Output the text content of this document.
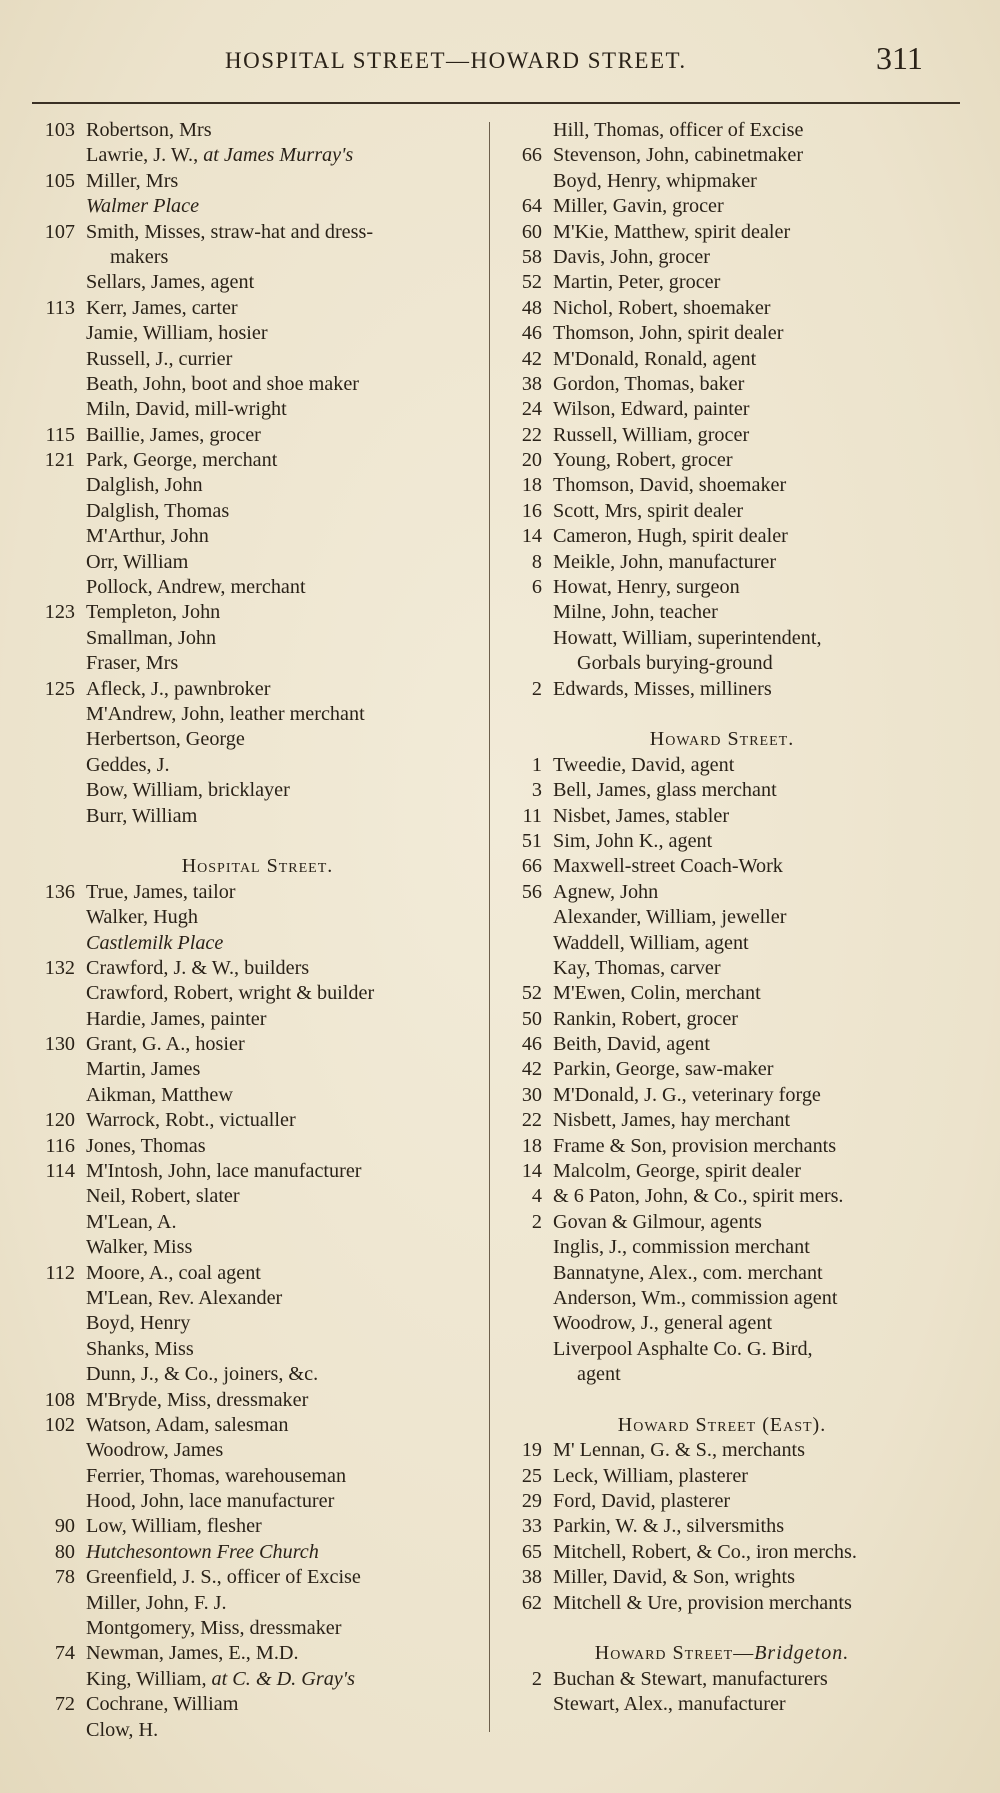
HOSPITAL STREET—HOWARD STREET.	311
103 Robertson, Mrs
Lawrie, J. W., at James Murray's
105 Miller, Mrs
Walmer Place
107 Smith, Misses, straw-hat and dress-
makers
Sellars, James, agent
113 Kerr, James, carter
Jamie, William, hosier
Russell, J., currier
Beath, John, boot and shoe maker
Miln, David, mill-wright
115 Baillie, James, grocer
121 Park, George, merchant
Dalglish, John
Dalglish, Thomas
M'Arthur, John
Orr, William
Pollock, Andrew, merchant
123 Templeton, John
Smallman, John
Fraser, Mrs
125 Afleck, J., pawnbroker
M'Andrew, John, leather merchant
Herbertson, George
Geddes, J.
Bow, William, bricklayer
Burr, William
Hospital Street.
136 True, James, tailor
Walker, Hugh
Castlemilk Place
132 Crawford, J. & W., builders
Crawford, Robert, wright & builder
Hardie, James, painter
130 Grant, G. A., hosier
Martin, James
Aikman, Matthew
120 Warrock, Robt., victualler
116 Jones, Thomas
114 M'Intosh, John, lace manufacturer
Neil, Robert, slater
M'Lean, A.
Walker, Miss
112 Moore, A., coal agent
M'Lean, Rev. Alexander
Boyd, Henry
Shanks, Miss
Dunn, J., & Co., joiners, &c.
108 M'Bryde, Miss, dressmaker
102 Watson, Adam, salesman
Woodrow, James
Ferrier, Thomas, warehouseman
Hood, John, lace manufacturer
90 Low, William, flesher
80 Hutchesontown Free Church
78 Greenfield, J. S., officer of Excise
Miller, John, F. J.
Montgomery, Miss, dressmaker
74 Newman, James, E., M.D.
King, William, at C. & D. Gray's
72 Cochrane, William
Clow, H.
Hill, Thomas, officer of Excise
66 Stevenson, John, cabinetmaker
Boyd, Henry, whipmaker
64 Miller, Gavin, grocer
60 M'Kie, Matthew, spirit dealer
58 Davis, John, grocer
52 Martin, Peter, grocer
48 Nichol, Robert, shoemaker
46 Thomson, John, spirit dealer
42 M'Donald, Ronald, agent
38 Gordon, Thomas, baker
24 Wilson, Edward, painter
22 Russell, William, grocer
20 Young, Robert, grocer
18 Thomson, David, shoemaker
16 Scott, Mrs, spirit dealer
14 Cameron, Hugh, spirit dealer
8 Meikle, John, manufacturer
6 Howat, Henry, surgeon
Milne, John, teacher
Howatt, William, superintendent,
Gorbals burying-ground
2 Edwards, Misses, milliners
Howard Street.
1 Tweedie, David, agent
3 Bell, James, glass merchant
11 Nisbet, James, stabler
51 Sim, John K., agent
66 Maxwell-street Coach-Work
56 Agnew, John
Alexander, William, jeweller
Waddell, William, agent
Kay, Thomas, carver
52 M'Ewen, Colin, merchant
50 Rankin, Robert, grocer
46 Beith, David, agent
42 Parkin, George, saw-maker
30 M'Donald, J. G., veterinary forge
22 Nisbett, James, hay merchant
18 Frame & Son, provision merchants
14 Malcolm, George, spirit dealer
4 & 6 Paton, John, & Co., spirit mers.
2 Govan & Gilmour, agents
Inglis, J., commission merchant
Bannatyne, Alex., com. merchant
Anderson, Wm., commission agent
Woodrow, J., general agent
Liverpool Asphalte Co. G. Bird,
agent
Howard Street (East).
19 M' Lennan, G. & S., merchants
25 Leck, William, plasterer
29 Ford, David, plasterer
33 Parkin, W. & J., silversmiths
65 Mitchell, Robert, & Co., iron merchs.
38 Miller, David, & Son, wrights
62 Mitchell & Ure, provision merchants
Howard Street—Bridgeton.
2 Buchan & Stewart, manufacturers
Stewart, Alex., manufacturer
